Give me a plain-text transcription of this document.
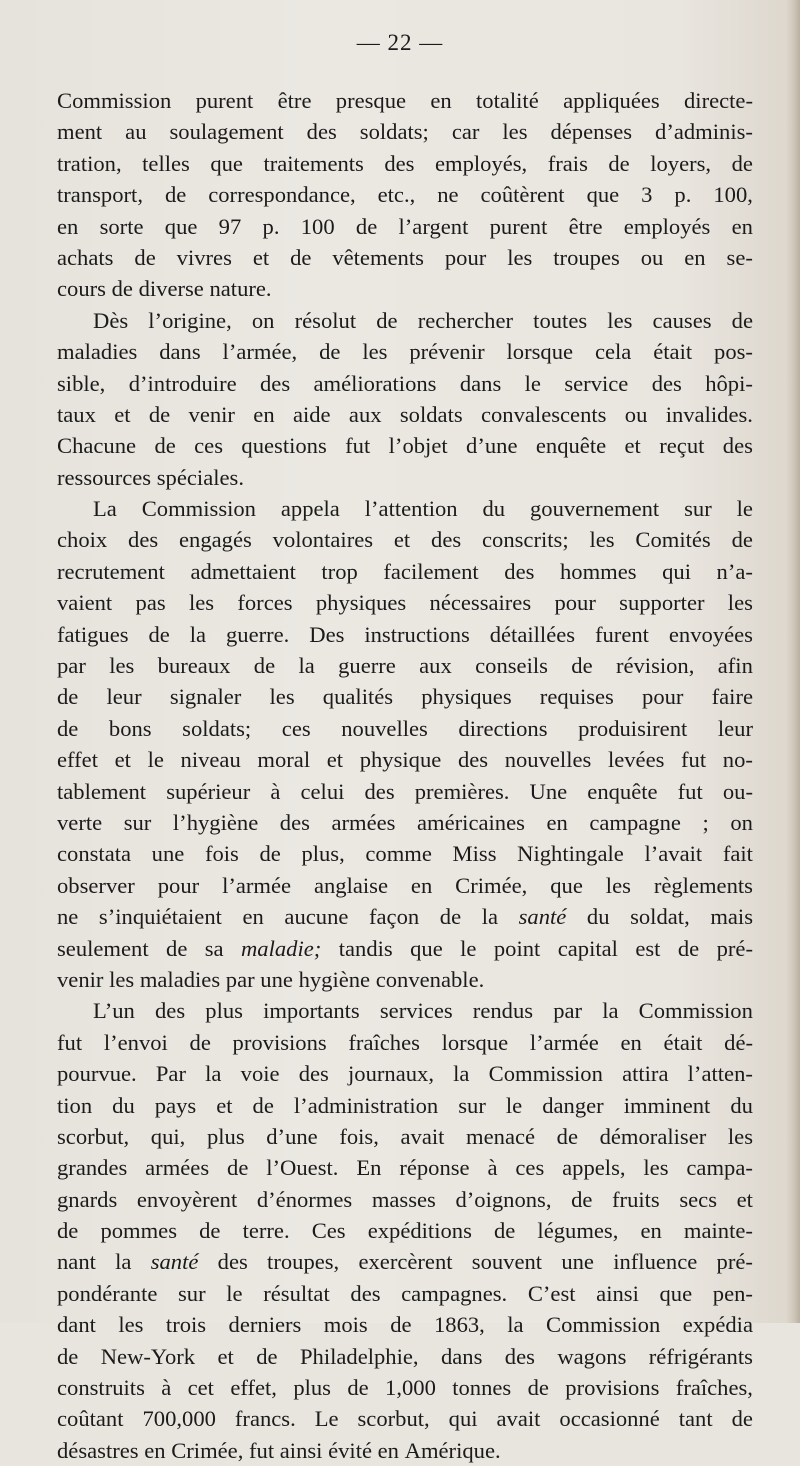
— 22 —
Commission purent être presque en totalité appliquées directe-
ment au soulagement des soldats; car les dépenses d’adminis-
tration, telles que traitements des employés, frais de loyers, de
transport, de correspondance, etc., ne coûtèrent que 3 p. 100,
en sorte que 97 p. 100 de l’argent purent être employés en
achats de vivres et de vêtements pour les troupes ou en se-
cours de diverse nature.
Dès l’origine, on résolut de rechercher toutes les causes de
maladies dans l’armée, de les prévenir lorsque cela était pos-
sible, d’introduire des améliorations dans le service des hôpi-
taux et de venir en aide aux soldats convalescents ou invalides.
Chacune de ces questions fut l’objet d’une enquête et reçut des
ressources spéciales.
La Commission appela l’attention du gouvernement sur le
choix des engagés volontaires et des conscrits; les Comités de
recrutement admettaient trop facilement des hommes qui n’a-
vaient pas les forces physiques nécessaires pour supporter les
fatigues de la guerre. Des instructions détaillées furent envoyées
par les bureaux de la guerre aux conseils de révision, afin
de leur signaler les qualités physiques requises pour faire
de bons soldats; ces nouvelles directions produisirent leur
effet et le niveau moral et physique des nouvelles levées fut no-
tablement supérieur à celui des premières. Une enquête fut ou-
verte sur l’hygiène des armées américaines en campagne ; on
constata une fois de plus, comme Miss Nightingale l’avait fait
observer pour l’armée anglaise en Crimée, que les règlements
ne s’inquiétaient en aucune façon de la santé du soldat, mais
seulement de sa maladie; tandis que le point capital est de pré-
venir les maladies par une hygiène convenable.
L’un des plus importants services rendus par la Commission
fut l’envoi de provisions fraîches lorsque l’armée en était dé-
pourvue. Par la voie des journaux, la Commission attira l’atten-
tion du pays et de l’administration sur le danger imminent du
scorbut, qui, plus d’une fois, avait menacé de démoraliser les
grandes armées de l’Ouest. En réponse à ces appels, les campa-
gnards envoyèrent d’énormes masses d’oignons, de fruits secs et
de pommes de terre. Ces expéditions de légumes, en mainte-
nant la santé des troupes, exercèrent souvent une influence pré-
pondérante sur le résultat des campagnes. C’est ainsi que pen-
dant les trois derniers mois de 1863, la Commission expédia
de New-York et de Philadelphie, dans des wagons réfrigérants
construits à cet effet, plus de 1,000 tonnes de provisions fraîches,
coûtant 700,000 francs. Le scorbut, qui avait occasionné tant de
désastres en Crimée, fut ainsi évité en Amérique.
